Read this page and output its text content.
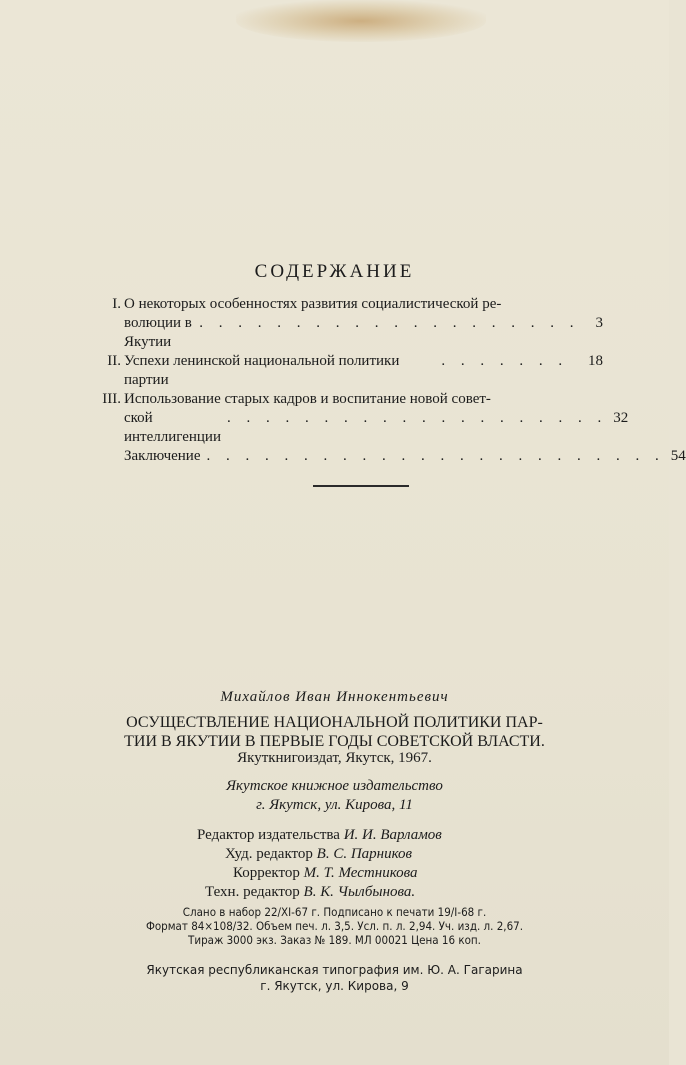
СОДЕРЖАНИЕ
I. О некоторых особенностях развития социалистической ре-
волюции в Якутии
. . . . . . . . . . . . . . . . . . . .	3
II. Успехи ленинской национальной политики партии
. . . . . . .	18
III. Использование старых кадров и воспитание новой совет-
ской интеллигенции
. . . . . . . . . . . . . . . . . . . . 32
Заключение . . . . . . . . . . . . . . . . . . . . . . . . 54
Михайлов Иван Иннокентьевич
ОСУЩЕСТВЛЕНИЕ НАЦИОНАЛЬНОЙ ПОЛИТИКИ ПАР-
ТИИ В ЯКУТИИ В ПЕРВЫЕ ГОДЫ СОВЕТСКОЙ ВЛАСТИ.
Якуткнигоиздат, Якутск, 1967.
Якутское книжное издательство
г. Якутск, ул. Кирова, 11
Редактор издательства И. И. Варламов
Худ. редактор В. С. Парников
Корректор М. Т. Местникова
Техн. редактор В. К. Чылбынова.
Слано в набор 22/XI-67 г. Подписано к печати 19/I-68 г.
Формат 84×108/32. Объем печ. л. 3,5. Усл. п. л. 2,94. Уч. изд. л. 2,67.
Тираж 3000 экз. Заказ № 189. МЛ 00021 Цена 16 коп.
Якутская республиканская типография им. Ю. А. Гагарина
г. Якутск, ул. Кирова, 9
